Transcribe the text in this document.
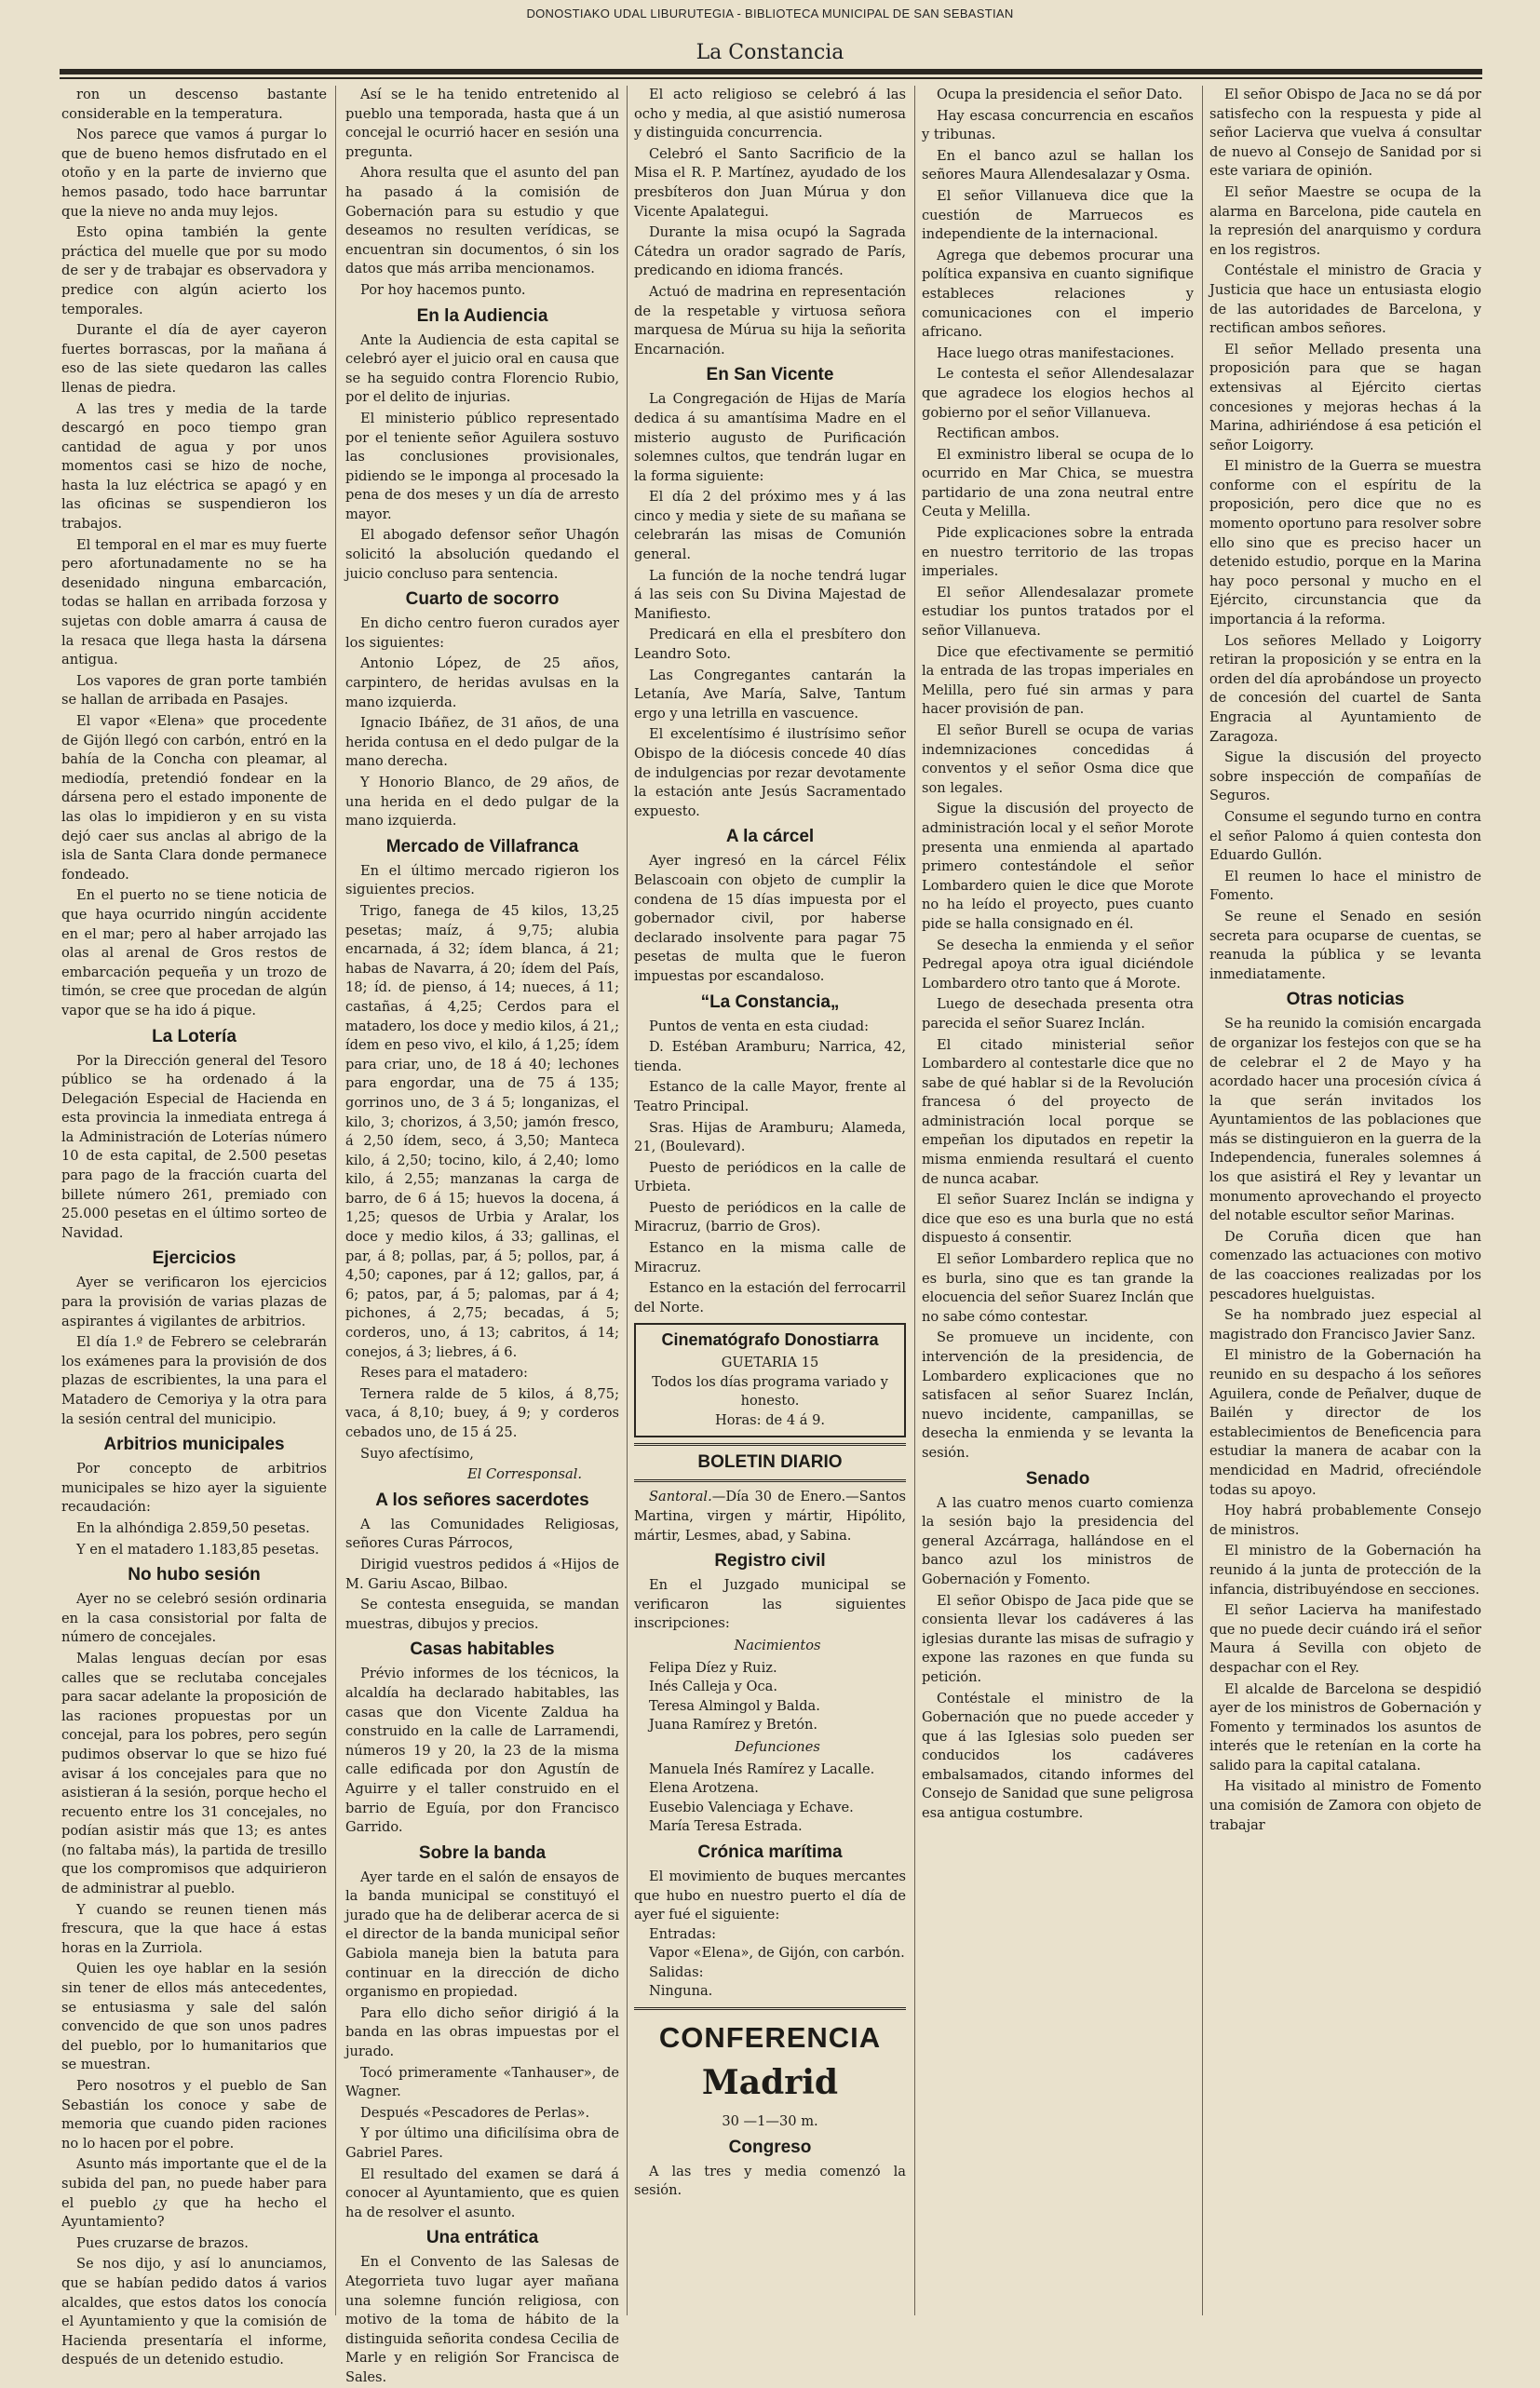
DONOSTIAKO UDAL LIBURUTEGIA - BIBLIOTECA MUNICIPAL DE SAN SEBASTIAN
La Constancia

ron un descenso bastante considerable en la temperatura.

Nos parece que vamos á purgar lo que de bueno hemos disfrutado en el otoño y en la parte de invierno que hemos pasado, todo hace barruntar que la nieve no anda muy lejos.

Esto opina también la gente práctica del muelle que por su modo de ser y de trabajar es observadora y predice con algún acierto los temporales.

Durante el día de ayer cayeron fuertes borrascas, por la mañana á eso de las siete quedaron las calles llenas de piedra.

A las tres y media de la tarde descargó en poco tiempo gran cantidad de agua y por unos momentos casi se hizo de noche, hasta la luz eléctrica se apagó y en las oficinas se suspendieron los trabajos.

El temporal en el mar es muy fuerte pero afortunadamente no se ha desenidado ninguna embarcación, todas se hallan en arribada forzosa y sujetas con doble amarra á causa de la resaca que llega hasta la dársena antigua.

Los vapores de gran porte también se hallan de arribada en Pasajes.

El vapor «Elena» que procedente de Gijón llegó con carbón, entró en la bahía de la Concha con pleamar, al mediodía, pretendió fondear en la dársena pero el estado imponente de las olas lo impidieron y en su vista dejó caer sus anclas al abrigo de la isla de Santa Clara donde permanece fondeado.

En el puerto no se tiene noticia de que haya ocurrido ningún accidente en el mar; pero al haber arrojado las olas al arenal de Gros restos de embarcación pequeña y un trozo de timón, se cree que procedan de algún vapor que se ha ido á pique.

La Lotería

Por la Dirección general del Tesoro público se ha ordenado á la Delegación Especial de Hacienda en esta provincia la inmediata entrega á la Administración de Loterías número 10 de esta capital, de 2.500 pesetas para pago de la fracción cuarta del billete número 261, premiado con 25.000 pesetas en el último sorteo de Navidad.

Ejercicios

Ayer se verificaron los ejercicios para la provisión de varias plazas de aspirantes á vigilantes de arbitrios.

El día 1.º de Febrero se celebrarán los exámenes para la provisión de dos plazas de escribientes, la una para el Matadero de Cemoriya y la otra para la sesión central del municipio.

Arbitrios municipales

Por concepto de arbitrios municipales se hizo ayer la siguiente recaudación:

En la alhóndiga 2.859,50 pesetas.

Y en el matadero 1.183,85 pesetas.

No hubo sesión

Ayer no se celebró sesión ordinaria en la casa consistorial por falta de número de concejales.

Malas lenguas decían por esas calles que se reclutaba concejales para sacar adelante la proposición de las raciones propuestas por un concejal, para los pobres, pero según pudimos observar lo que se hizo fué avisar á los concejales para que no asistieran á la sesión, porque hecho el recuento entre los 31 concejales, no podían asistir más que 13; es antes (no faltaba más), la partida de tresillo que los compromisos que adquirieron de administrar al pueblo.

Y cuando se reunen tienen más frescura, que la que hace á estas horas en la Zurriola.

Quien les oye hablar en la sesión sin tener de ellos más antecedentes, se entusiasma y sale del salón convencido de que son unos padres del pueblo, por lo humanitarios que se muestran.

Pero nosotros y el pueblo de San Sebastián los conoce y sabe de memoria que cuando piden raciones no lo hacen por el pobre.

Asunto más importante que el de la subida del pan, no puede haber para el pueblo ¿y que ha hecho el Ayuntamiento?

Pues cruzarse de brazos.

Se nos dijo, y así lo anunciamos, que se habían pedido datos á varios alcaldes, que estos datos los conocía el Ayuntamiento y que la comisión de Hacienda presentaría el informe, después de un detenido estudio.

Así se le ha tenido entretenido al pueblo una temporada, hasta que á un concejal le ocurrió hacer en sesión una pregunta.

Ahora resulta que el asunto del pan ha pasado á la comisión de Gobernación para su estudio y que deseamos no resulten verídicas, se encuentran sin documentos, ó sin los datos que más arriba mencionamos.

Por hoy hacemos punto.

En la Audiencia

Ante la Audiencia de esta capital se celebró ayer el juicio oral en causa que se ha seguido contra Florencio Rubio, por el delito de injurias.

El ministerio público representado por el teniente señor Aguilera sostuvo las conclusiones provisionales, pidiendo se le imponga al procesado la pena de dos meses y un día de arresto mayor.

El abogado defensor señor Uhagón solicitó la absolución quedando el juicio concluso para sentencia.

Cuarto de socorro

En dicho centro fueron curados ayer los siguientes:

Antonio López, de 25 años, carpintero, de heridas avulsas en la mano izquierda.

Ignacio Ibáñez, de 31 años, de una herida contusa en el dedo pulgar de la mano derecha.

Y Honorio Blanco, de 29 años, de una herida en el dedo pulgar de la mano izquierda.

Mercado de Villafranca

En el último mercado rigieron los siguientes precios.

Trigo, fanega de 45 kilos, 13,25 pesetas; maíz, á 9,75; alubia encarnada, á 32; ídem blanca, á 21; habas de Navarra, á 20; ídem del País, 18; íd. de pienso, á 14; nueces, á 11; castañas, á 4,25; Cerdos para el matadero, los doce y medio kilos, á 21,; ídem en peso vivo, el kilo, á 1,25; ídem para criar, uno, de 18 á 40; lechones para engordar, una de 75 á 135; gorrinos uno, de 3 á 5; longanizas, el kilo, 3; chorizos, á 3,50; jamón fresco, á 2,50 ídem, seco, á 3,50; Manteca kilo, á 2,50; tocino, kilo, á 2,40; lomo kilo, á 2,55; manzanas la carga de barro, de 6 á 15; huevos la docena, á 1,25; quesos de Urbia y Aralar, los doce y medio kilos, á 33; gallinas, el par, á 8; pollas, par, á 5; pollos, par, á 4,50; capones, par á 12; gallos, par, á 6; patos, par, á 5; palomas, par á 4; pichones, á 2,75; becadas, á 5; corderos, uno, á 13; cabritos, á 14; conejos, á 3; liebres, á 6.

Reses para el matadero:

Ternera ralde de 5 kilos, á 8,75; vaca, á 8,10; buey, á 9; y corderos cebados uno, de 15 á 25.

Suyo afectísimo,

El Corresponsal.

A los señores sacerdotes

A las Comunidades Religiosas, señores Curas Párrocos,

Dirigid vuestros pedidos á «Hijos de M. Gariu Ascao, Bilbao.

Se contesta enseguida, se mandan muestras, dibujos y precios.

Casas habitables

Prévio informes de los técnicos, la alcaldía ha declarado habitables, las casas que don Vicente Zaldua ha construido en la calle de Larramendi, números 19 y 20, la 23 de la misma calle edificada por don Agustín de Aguirre y el taller construido en el barrio de Eguía, por don Francisco Garrido.

Sobre la banda

Ayer tarde en el salón de ensayos de la banda municipal se constituyó el jurado que ha de deliberar acerca de si el director de la banda municipal señor Gabiola maneja bien la batuta para continuar en la dirección de dicho organismo en propiedad.

Para ello dicho señor dirigió á la banda en las obras impuestas por el jurado.

Tocó primeramente «Tanhauser», de Wagner.

Después «Pescadores de Perlas».

Y por último una dificilísima obra de Gabriel Pares.

El resultado del examen se dará á conocer al Ayuntamiento, que es quien ha de resolver el asunto.

Una entrática

En el Convento de las Salesas de Ategorrieta tuvo lugar ayer mañana una solemne función religiosa, con motivo de la toma de hábito de la distinguida señorita condesa Cecilia de Marle y en religión Sor Francisca de Sales.

El acto religioso se celebró á las ocho y media, al que asistió numerosa y distinguida concurrencia.

Celebró el Santo Sacrificio de la Misa el R. P. Martínez, ayudado de los presbíteros don Juan Múrua y don Vicente Apalategui.

Durante la misa ocupó la Sagrada Cátedra un orador sagrado de París, predicando en idioma francés.

Actuó de madrina en representación de la respetable y virtuosa señora marquesa de Múrua su hija la señorita Encarnación.

En San Vicente

La Congregación de Hijas de María dedica á su amantísima Madre en el misterio augusto de Purificación solemnes cultos, que tendrán lugar en la forma siguiente:

El día 2 del próximo mes y á las cinco y media y siete de su mañana se celebrarán las misas de Comunión general.

La función de la noche tendrá lugar á las seis con Su Divina Majestad de Manifiesto.

Predicará en ella el presbítero don Leandro Soto.

Las Congregantes cantarán la Letanía, Ave María, Salve, Tantum ergo y una letrilla en vascuence.

El excelentísimo é ilustrísimo señor Obispo de la diócesis concede 40 días de indulgencias por rezar devotamente la estación ante Jesús Sacramentado expuesto.

A la cárcel

Ayer ingresó en la cárcel Félix Belascoain con objeto de cumplir la condena de 15 días impuesta por el gobernador civil, por haberse declarado insolvente para pagar 75 pesetas de multa que le fueron impuestas por escandaloso.

“La Constancia„

Puntos de venta en esta ciudad:

D. Estéban Aramburu; Narrica, 42, tienda.

Estanco de la calle Mayor, frente al Teatro Principal.

Sras. Hijas de Aramburu; Alameda, 21, (Boulevard).

Puesto de periódicos en la calle de Urbieta.

Puesto de periódicos en la calle de Miracruz, (barrio de Gros).

Estanco en la misma calle de Miracruz.

Estanco en la estación del ferrocarril del Norte.

Cinematógrafo Donostiarra
GUETARIA 15
Todos los días programa variado y honesto.
Horas: de 4 á 9.
BOLETIN DIARIO

Santoral.—Día 30 de Enero.—Santos Martina, virgen y mártir, Hipólito, mártir, Lesmes, abad, y Sabina.

Registro civil

En el Juzgado municipal se verificaron las siguientes inscripciones:

Nacimientos

Felipa Díez y Ruiz.

Inés Calleja y Oca.

Teresa Almingol y Balda.

Juana Ramírez y Bretón.

Defunciones

Manuela Inés Ramírez y Lacalle.

Elena Arotzena.

Eusebio Valenciaga y Echave.

María Teresa Estrada.

Crónica marítima

El movimiento de buques mercantes que hubo en nuestro puerto el día de ayer fué el siguiente:

Entradas:

Vapor «Elena», de Gijón, con carbón.

Salidas:

Ninguna.

CONFERENCIA
Madrid

30 —1—30 m.

Congreso

A las tres y media comenzó la sesión.

Ocupa la presidencia el señor Dato.

Hay escasa concurrencia en escaños y tribunas.

En el banco azul se hallan los señores Maura Allendesalazar y Osma.

El señor Villanueva dice que la cuestión de Marruecos es independiente de la internacional.

Agrega que debemos procurar una política expansiva en cuanto signifique estableces relaciones y comunicaciones con el imperio africano.

Hace luego otras manifestaciones.

Le contesta el señor Allendesalazar que agradece los elogios hechos al gobierno por el señor Villanueva.

Rectifican ambos.

El exministro liberal se ocupa de lo ocurrido en Mar Chica, se muestra partidario de una zona neutral entre Ceuta y Melilla.

Pide explicaciones sobre la entrada en nuestro territorio de las tropas imperiales.

El señor Allendesalazar promete estudiar los puntos tratados por el señor Villanueva.

Dice que efectivamente se permitió la entrada de las tropas imperiales en Melilla, pero fué sin armas y para hacer provisión de pan.

El señor Burell se ocupa de varias indemnizaciones concedidas á conventos y el señor Osma dice que son legales.

Sigue la discusión del proyecto de administración local y el señor Morote presenta una enmienda al apartado primero contestándole el señor Lombardero quien le dice que Morote no ha leído el proyecto, pues cuanto pide se halla consignado en él.

Se desecha la enmienda y el señor Pedregal apoya otra igual diciéndole Lombardero otro tanto que á Morote.

Luego de desechada presenta otra parecida el señor Suarez Inclán.

El citado ministerial señor Lombardero al contestarle dice que no sabe de qué hablar si de la Revolución francesa ó del proyecto de administración local porque se empeñan los diputados en repetir la misma enmienda resultará el cuento de nunca acabar.

El señor Suarez Inclán se indigna y dice que eso es una burla que no está dispuesto á consentir.

El señor Lombardero replica que no es burla, sino que es tan grande la elocuencia del señor Suarez Inclán que no sabe cómo contestar.

Se promueve un incidente, con intervención de la presidencia, de Lombardero explicaciones que no satisfacen al señor Suarez Inclán, nuevo incidente, campanillas, se desecha la enmienda y se levanta la sesión.

Senado

A las cuatro menos cuarto comienza la sesión bajo la presidencia del general Azcárraga, hallándose en el banco azul los ministros de Gobernación y Fomento.

El señor Obispo de Jaca pide que se consienta llevar los cadáveres á las iglesias durante las misas de sufragio y expone las razones en que funda su petición.

Contéstale el ministro de la Gobernación que no puede acceder y que á las Iglesias solo pueden ser conducidos los cadáveres embalsamados, citando informes del Consejo de Sanidad que sune peligrosa esa antigua costumbre.

El señor Obispo de Jaca no se dá por satisfecho con la respuesta y pide al señor Lacierva que vuelva á consultar de nuevo al Consejo de Sanidad por si este variara de opinión.

El señor Maestre se ocupa de la alarma en Barcelona, pide cautela en la represión del anarquismo y cordura en los registros.

Contéstale el ministro de Gracia y Justicia que hace un entusiasta elogio de las autoridades de Barcelona, y rectifican ambos señores.

El señor Mellado presenta una proposición para que se hagan extensivas al Ejército ciertas concesiones y mejoras hechas á la Marina, adhiriéndose á esa petición el señor Loigorry.

El ministro de la Guerra se muestra conforme con el espíritu de la proposición, pero dice que no es momento oportuno para resolver sobre ello sino que es preciso hacer un detenido estudio, porque en la Marina hay poco personal y mucho en el Ejército, circunstancia que da importancia á la reforma.

Los señores Mellado y Loigorry retiran la proposición y se entra en la orden del día aprobándose un proyecto de concesión del cuartel de Santa Engracia al Ayuntamiento de Zaragoza.

Sigue la discusión del proyecto sobre inspección de compañías de Seguros.

Consume el segundo turno en contra el señor Palomo á quien contesta don Eduardo Gullón.

El reumen lo hace el ministro de Fomento.

Se reune el Senado en sesión secreta para ocuparse de cuentas, se reanuda la pública y se levanta inmediatamente.

Otras noticias

Se ha reunido la comisión encargada de organizar los festejos con que se ha de celebrar el 2 de Mayo y ha acordado hacer una procesión cívica á la que serán invitados los Ayuntamientos de las poblaciones que más se distinguieron en la guerra de la Independencia, funerales solemnes á los que asistirá el Rey y levantar un monumento aprovechando el proyecto del notable escultor señor Marinas.

De Coruña dicen que han comenzado las actuaciones con motivo de las coacciones realizadas por los pescadores huelguistas.

Se ha nombrado juez especial al magistrado don Francisco Javier Sanz.

El ministro de la Gobernación ha reunido en su despacho á los señores Aguilera, conde de Peñalver, duque de Bailén y director de los establecimientos de Beneficencia para estudiar la manera de acabar con la mendicidad en Madrid, ofreciéndole todas su apoyo.

Hoy habrá probablemente Consejo de ministros.

El ministro de la Gobernación ha reunido á la junta de protección de la infancia, distribuyéndose en secciones.

El señor Lacierva ha manifestado que no puede decir cuándo irá el señor Maura á Sevilla con objeto de despachar con el Rey.

El alcalde de Barcelona se despidió ayer de los ministros de Gobernación y Fomento y terminados los asuntos de interés que le retenían en la corte ha salido para la capital catalana.

Ha visitado al ministro de Fomento una comisión de Zamora con objeto de trabajar
